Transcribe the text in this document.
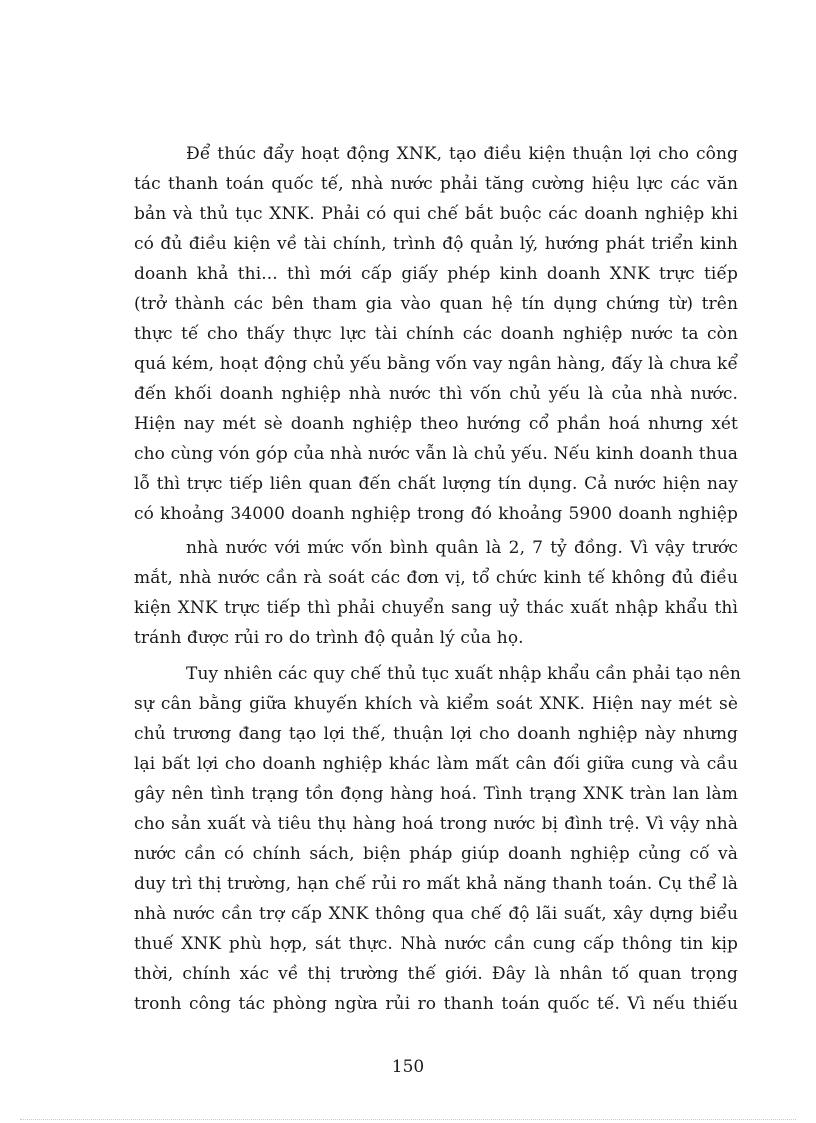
Để thúc đẩy hoạt động XNK, tạo điều kiện thuận lợi cho công
tác thanh toán quốc tế, nhà nước phải tăng cường hiệu lực các văn
bản và thủ tục XNK. Phải có qui chế bắt buộc các doanh nghiệp khi
có đủ điều kiện về tài chính, trình độ quản lý, hướng phát triển kinh
doanh khả thi... thì mới cấp giấy phép kinh doanh XNK trực tiếp
(trở thành các bên tham gia vào quan hệ tín dụng chứng từ) trên
thực tế cho thấy thực lực tài chính các doanh nghiệp nước ta còn
quá kém, hoạt động chủ yếu bằng vốn vay ngân hàng, đấy là chưa kể
đến khối doanh nghiệp nhà nước thì vốn chủ yếu là của nhà nước.
Hiện nay mét sè doanh nghiệp theo hướng cổ phần hoá nhưng xét
cho cùng vón góp của nhà nước vẫn là chủ yếu. Nếu kinh doanh thua
lỗ thì trực tiếp liên quan đến chất lượng tín dụng. Cả nước hiện nay
có khoảng 34000 doanh nghiệp trong đó khoảng 5900 doanh nghiệp
nhà nước với mức vốn bình quân là 2, 7 tỷ đồng. Vì vậy trước
mắt, nhà nước cần rà soát các đơn vị, tổ chức kinh tế không đủ điều
kiện XNK trực tiếp thì phải chuyển sang uỷ thác xuất nhập khẩu thì
tránh được rủi ro do trình độ quản lý của họ.
Tuy nhiên các quy chế thủ tục xuất nhập khẩu cần phải tạo nên
sự cân bằng giữa khuyến khích và kiểm soát XNK. Hiện nay mét sè
chủ trương đang tạo lợi thế, thuận lợi cho doanh nghiệp này nhưng
lại bất lợi cho doanh nghiệp khác làm mất cân đối giữa cung và cầu
gây nên tình trạng tồn đọng hàng hoá. Tình trạng XNK tràn lan làm
cho sản xuất và tiêu thụ hàng hoá trong nước bị đình trệ. Vì vậy nhà
nước cần có chính sách, biện pháp giúp doanh nghiệp củng cố và
duy trì thị trường, hạn chế rủi ro mất khả năng thanh toán. Cụ thể là
nhà nước cần trợ cấp XNK thông qua chế độ lãi suất, xây dựng biểu
thuế XNK phù hợp, sát thực. Nhà nước cần cung cấp thông tin kịp
thời, chính xác về thị trường thế giới. Đây là nhân tố quan trọng
tronh công tác phòng ngừa rủi ro thanh toán quốc tế. Vì nếu thiếu
150
